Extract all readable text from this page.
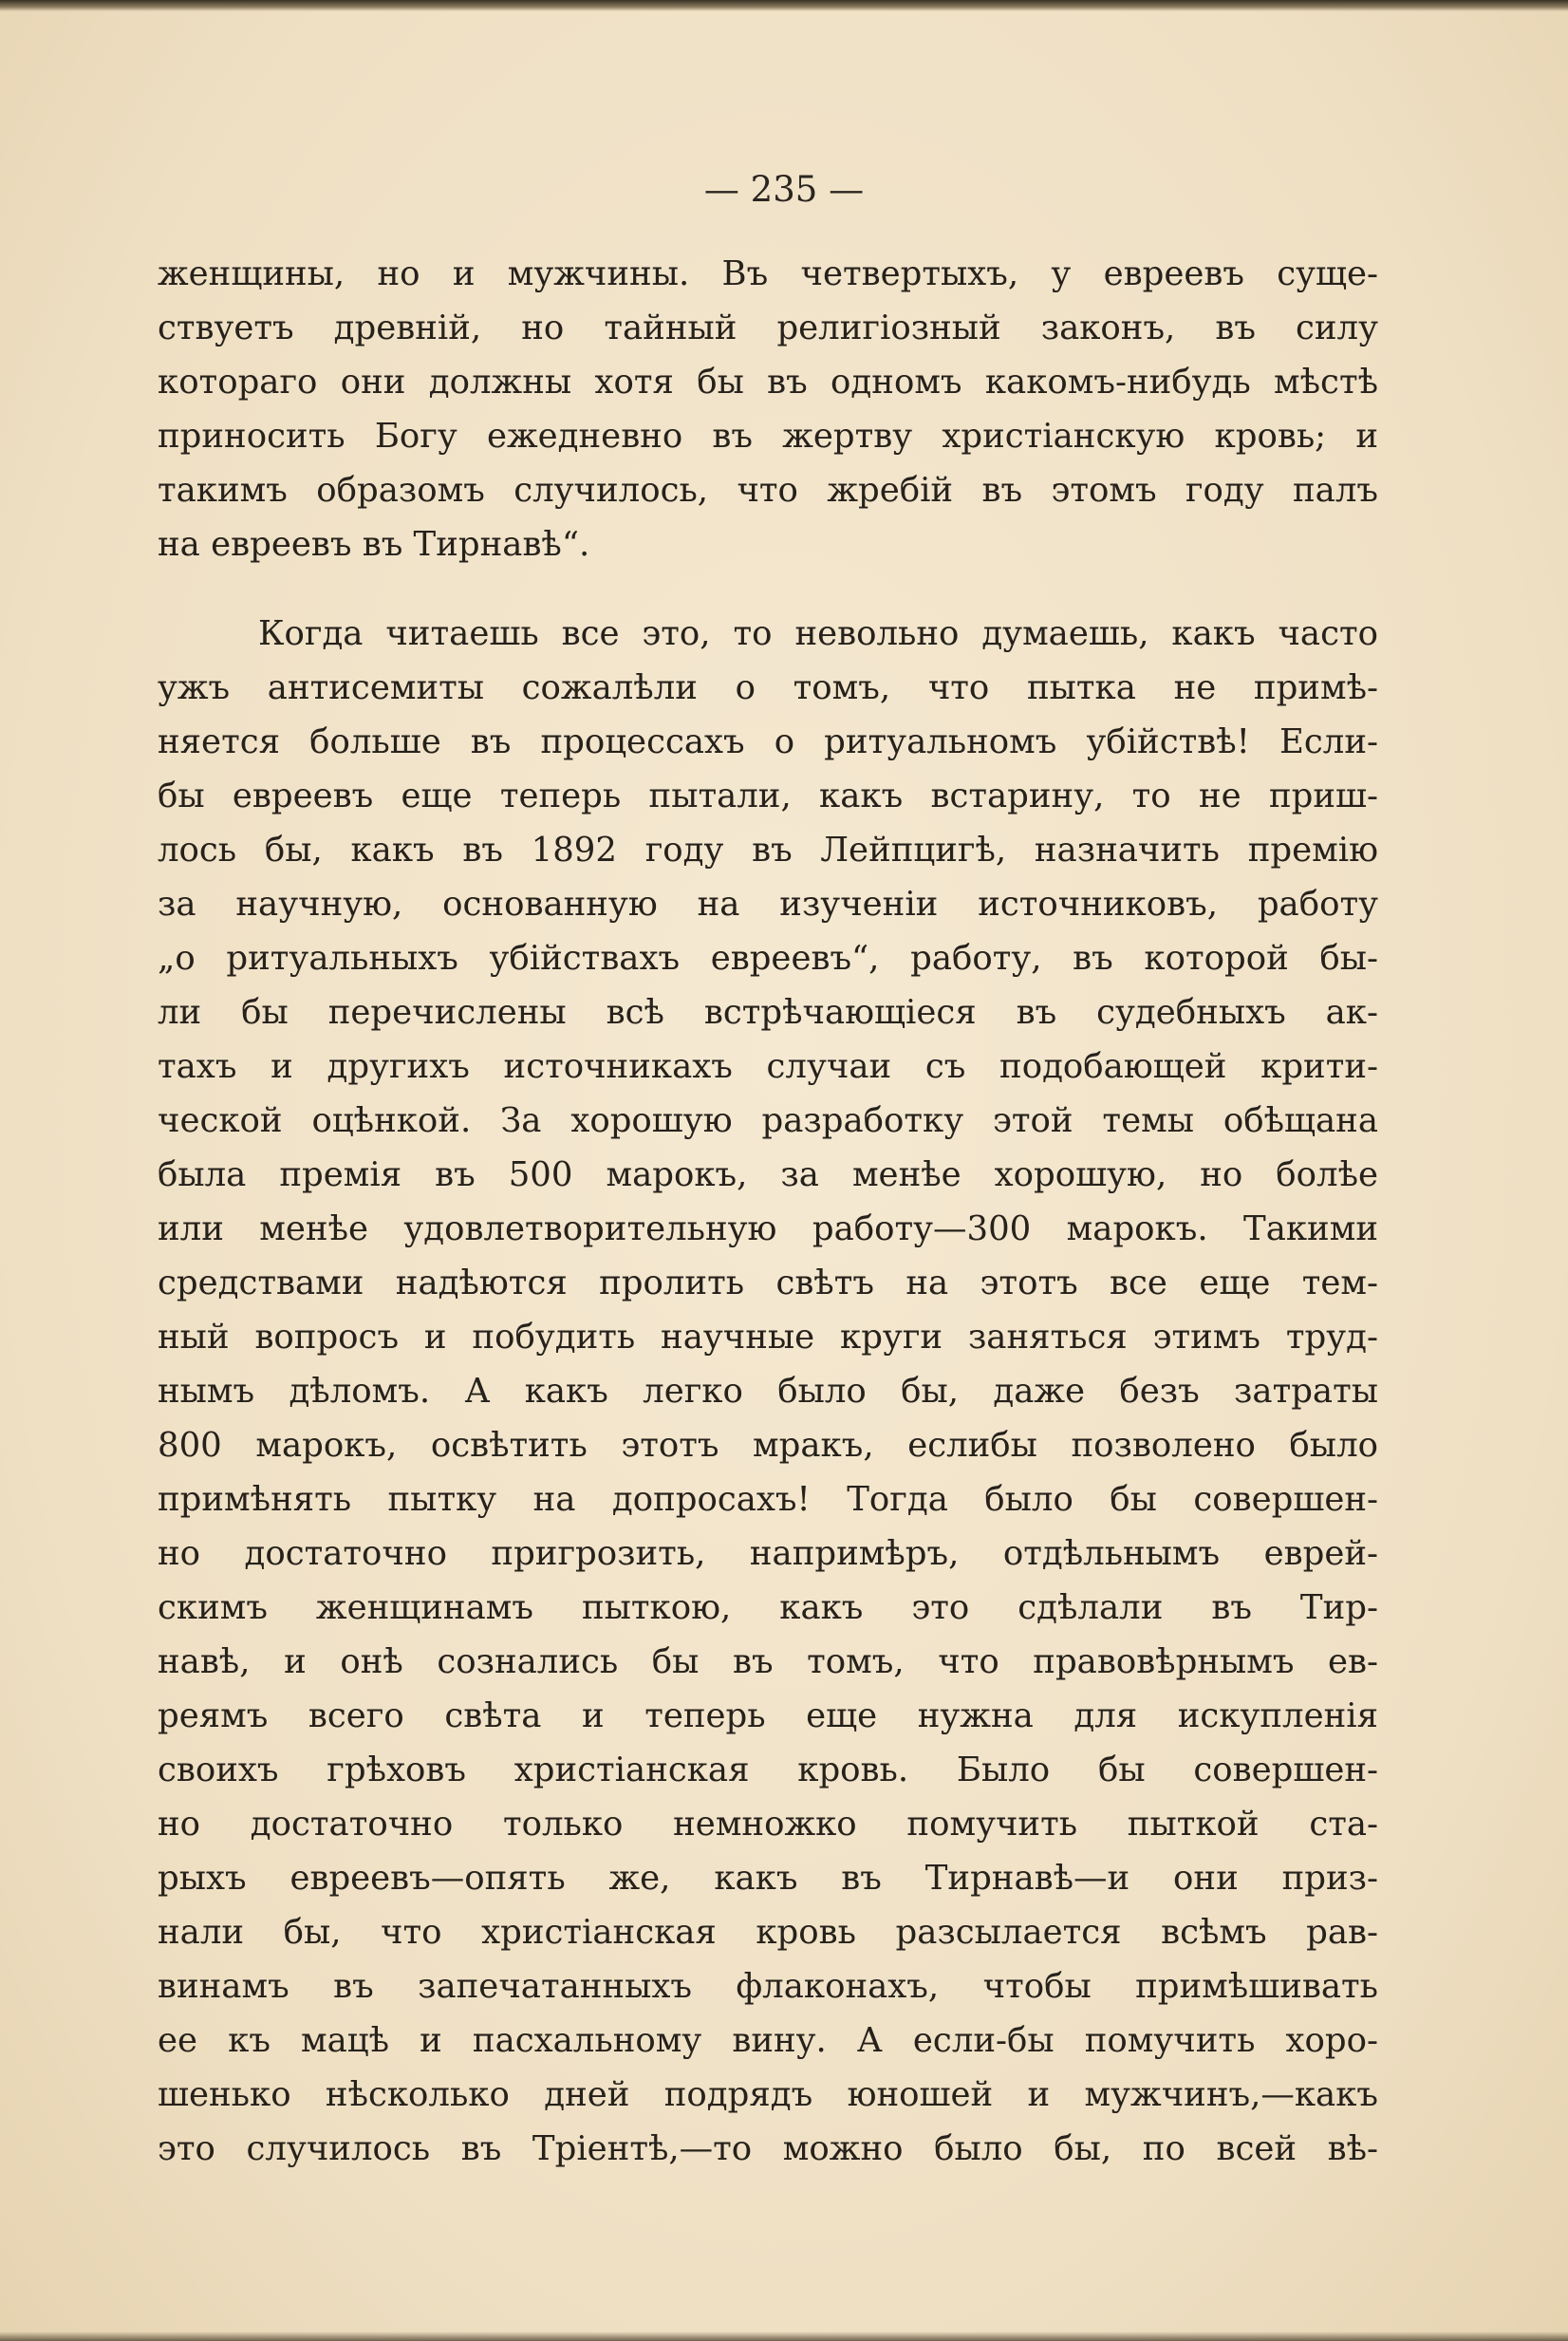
— 235 —
женщины, но и мужчины. Въ четвертыхъ, у евреевъ суще-
ствуетъ древній, но тайный религіозный законъ, въ силу
котораго они должны хотя бы въ одномъ какомъ-нибудь мѣстѣ
приносить Богу ежедневно въ жертву христіанскую кровь; и
такимъ образомъ случилось, что жребій въ этомъ году палъ
на евреевъ въ Тирнавѣ“.
Когда читаешь все это, то невольно думаешь, какъ часто
ужъ антисемиты сожалѣли о томъ, что пытка не примѣ-
няется больше въ процессахъ о ритуальномъ убійствѣ! Если-
бы евреевъ еще теперь пытали, какъ встарину, то не приш-
лось бы, какъ въ 1892 году въ Лейпцигѣ, назначить премію
за научную, основанную на изученіи источниковъ, работу
„о ритуальныхъ убійствахъ евреевъ“, работу, въ которой бы-
ли бы перечислены всѣ встрѣчающіеся въ судебныхъ ак-
тахъ и другихъ источникахъ случаи съ подобающей крити-
ческой оцѣнкой. За хорошую разработку этой темы обѣщана
была премія въ 500 марокъ, за менѣе хорошую, но болѣе
или менѣе удовлетворительную работу—300 марокъ. Такими
средствами надѣются пролить свѣтъ на этотъ все еще тем-
ный вопросъ и побудить научные круги заняться этимъ труд-
нымъ дѣломъ. А какъ легко было бы, даже безъ затраты
800 марокъ, освѣтить этотъ мракъ, еслибы позволено было
примѣнять пытку на допросахъ! Тогда было бы совершен-
но достаточно пригрозить, напримѣръ, отдѣльнымъ еврей-
скимъ женщинамъ пыткою, какъ это сдѣлали въ Тир-
навѣ, и онѣ сознались бы въ томъ, что правовѣрнымъ ев-
реямъ всего свѣта и теперь еще нужна для искупленія
своихъ грѣховъ христіанская кровь. Было бы совершен-
но достаточно только немножко помучить пыткой ста-
рыхъ евреевъ—опять же, какъ въ Тирнавѣ—и они приз-
нали бы, что христіанская кровь разсылается всѣмъ рав-
винамъ въ запечатанныхъ флаконахъ, чтобы примѣшивать
ее къ мацѣ и пасхальному вину. А если-бы помучить хоро-
шенько нѣсколько дней подрядъ юношей и мужчинъ,—какъ
это случилось въ Тріентѣ,—то можно было бы, по всей вѣ-
